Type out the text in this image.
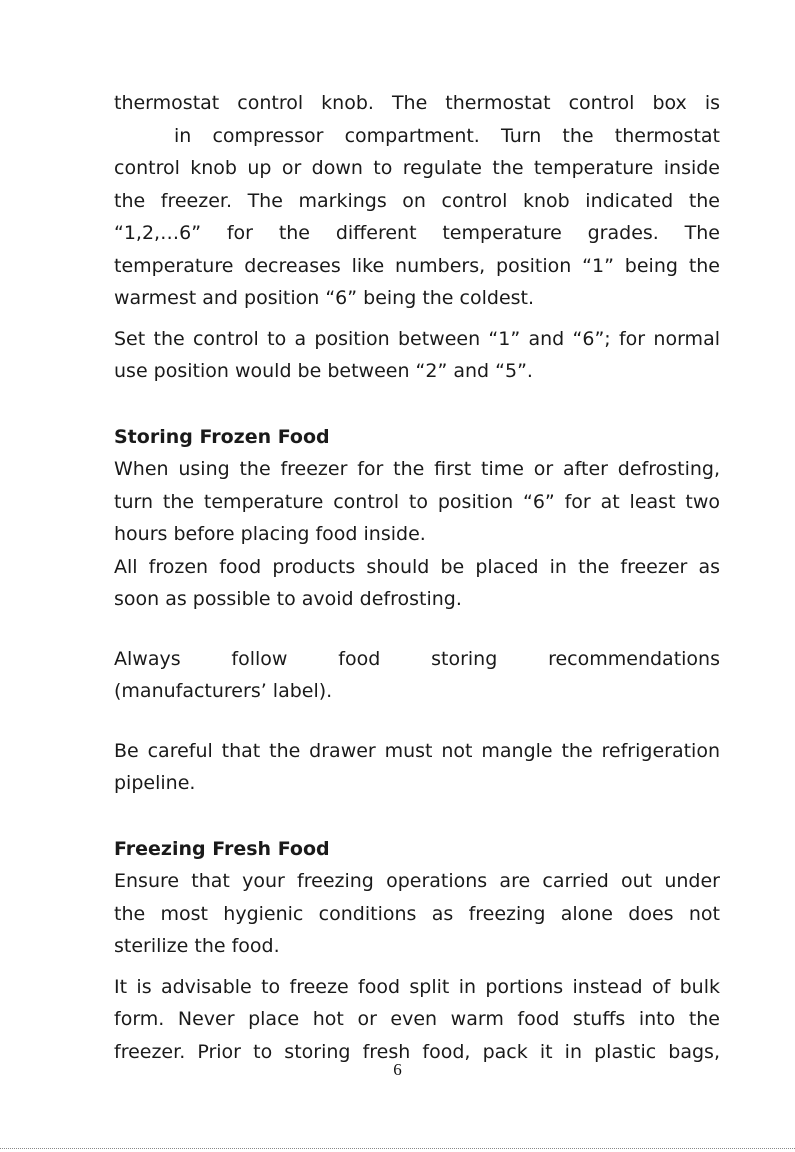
thermostat control knob. The thermostat control box is
in compressor compartment. Turn the thermostat
control knob up or down to regulate the temperature inside
the freezer. The markings on control knob indicated the
“1,2,…6” for the different temperature grades. The
temperature decreases like numbers, position “1” being the
warmest and position “6” being the coldest.
Set the control to a position between “1” and “6”; for normal
use position would be between “2” and “5”.
Storing Frozen Food
When using the freezer for the first time or after defrosting,
turn the temperature control to position “6” for at least two
hours before placing food inside.
All frozen food products should be placed in the freezer as
soon as possible to avoid defrosting.
Always follow food storing recommendations
(manufacturers’ label).
Be careful that the drawer must not mangle the refrigeration
pipeline.
Freezing Fresh Food
Ensure that your freezing operations are carried out under
the most hygienic conditions as freezing alone does not
sterilize the food.
It is advisable to freeze food split in portions instead of bulk
form. Never place hot or even warm food stuffs into the
freezer. Prior to storing fresh food, pack it in plastic bags,
6
